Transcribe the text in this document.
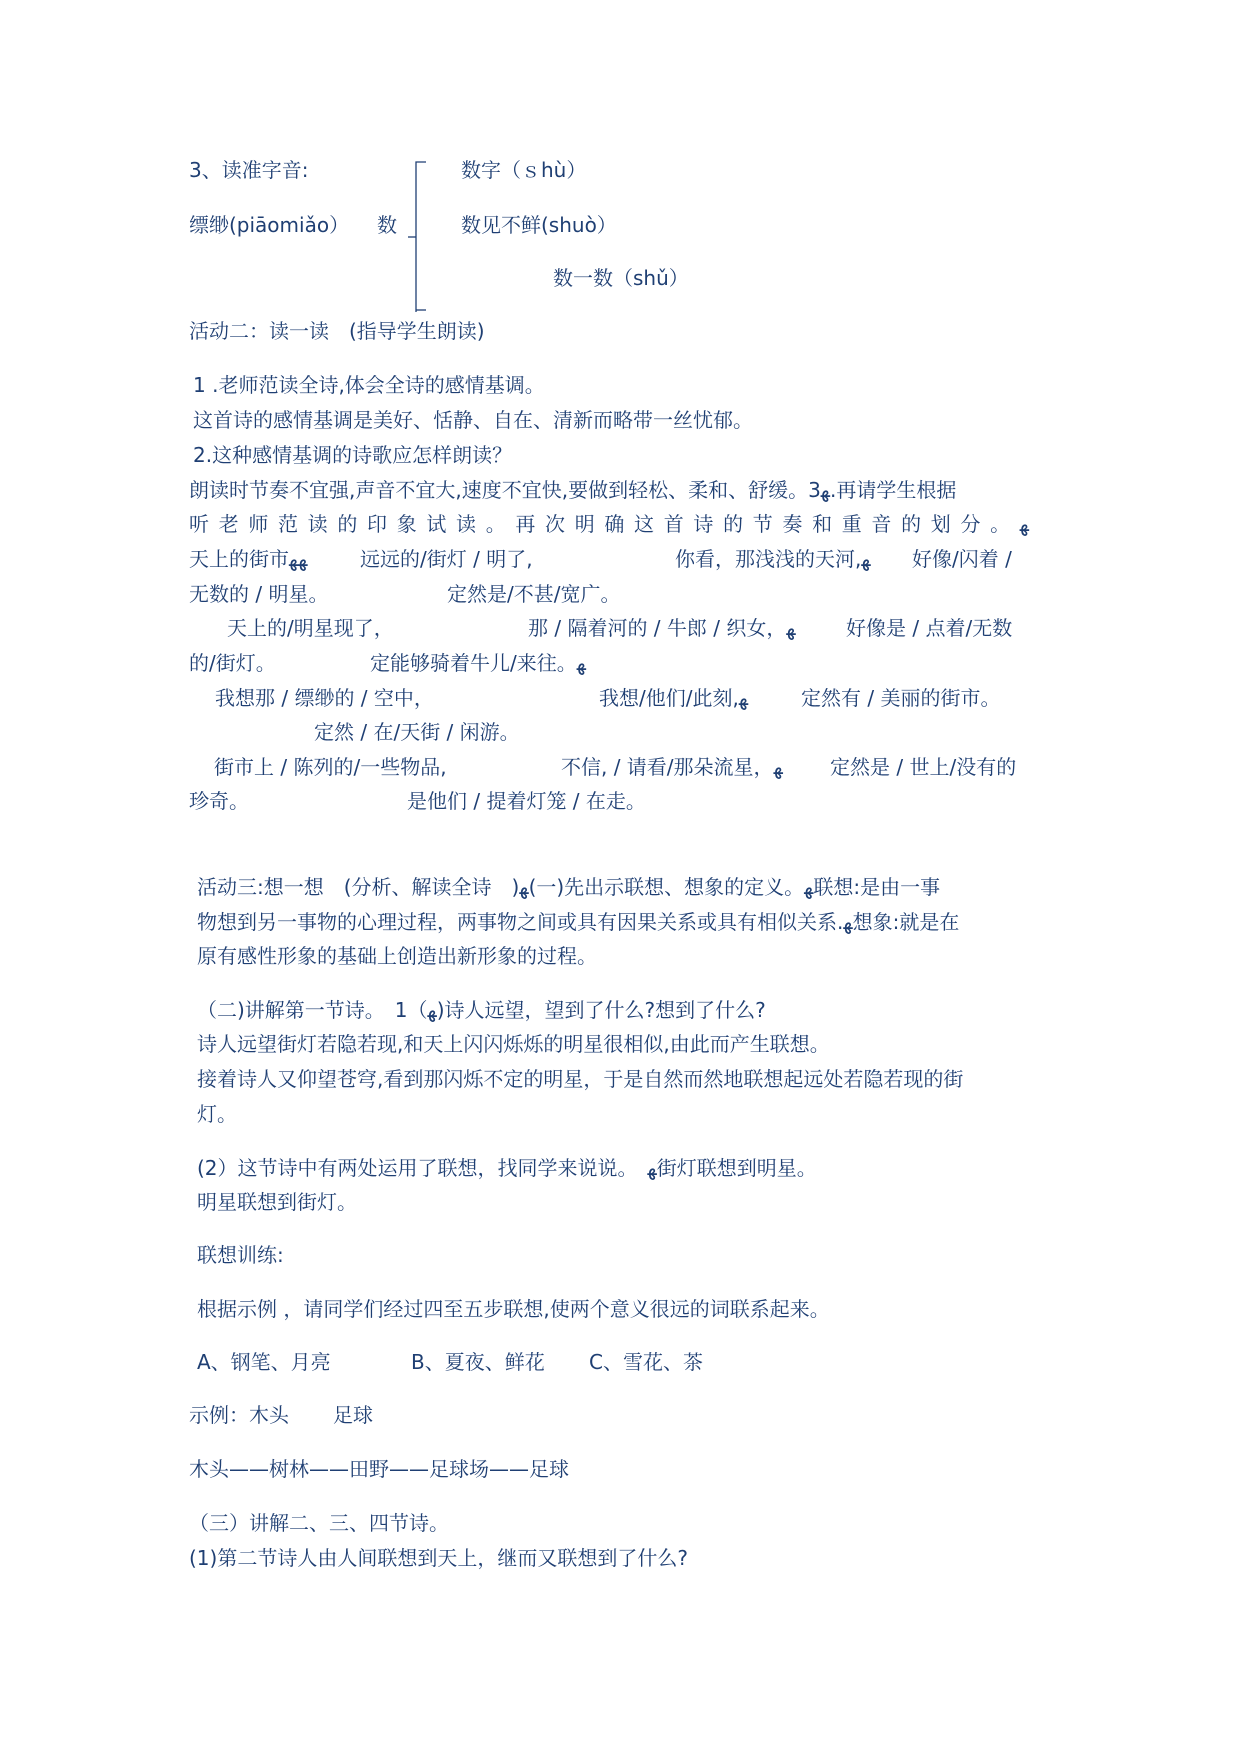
3、读准字音:
缥缈(piāomiǎo） 数
数字（ｓhù）
数见不鲜(shuò）
数一数（shǔ）
活动二：读一读　(指导学生朗读)
1 .老师范读全诗,体会全诗的感情基调。
这首诗的感情基调是美好、恬静、自在、清新而略带一丝忧郁。
2.这种感情基调的诗歌应怎样朗读？
朗读时节奏不宜强,声音不宜大,速度不宜快,要做到轻松、柔和、舒缓。3ﻬ.再请学生根据
听老师范读的印象试读。再次明确这首诗的节奏和重音的划分。ﻬ
天上的街市ﻬﻬ	远远的/街灯 / 明了,	你看，那浅浅的天河,ﻬ 好像/闪着 /
无数的 / 明星。	定然是/不甚/宽广。
天上的/明星现了，	那 / 隔着河的 / 牛郎 / 织女，ﻬ	好像是 / 点着/无数
的/街灯。	定能够骑着牛儿/来往。ﻬ
我想那 / 缥缈的 / 空中，	我想/他们/此刻,ﻬ	定然有 / 美丽的街市。
定然 / 在/天街 / 闲游。
街市上 / 陈列的/一些物品,	不信, / 请看/那朵流星，ﻬ 定然是 / 世上/没有的
珍奇。	是他们 / 提着灯笼 / 在走。
活动三:想一想　(分析、解读全诗　)ﻬ(一)先出示联想、想象的定义。ﻬ联想:是由一事
物想到另一事物的心理过程，两事物之间或具有因果关系或具有相似关系.ﻬ想象:就是在
原有感性形象的基础上创造出新形象的过程。
（二)讲解第一节诗。　1（ﻬ)诗人远望，望到了什么?想到了什么?
诗人远望街灯若隐若现,和天上闪闪烁烁的明星很相似,由此而产生联想。
接着诗人又仰望苍穹,看到那闪烁不定的明星，于是自然而然地联想起远处若隐若现的街
灯。
(2）这节诗中有两处运用了联想，找同学来说说。　ﻬ街灯联想到明星。
明星联想到街灯。
联想训练:
根据示例 ，请同学们经过四至五步联想,使两个意义很远的词联系起来。
A、钢笔、月亮	B、夏夜、鲜花 C、雪花、茶
示例：木头 足球
木头——树林——田野——足球场——足球
（三）讲解二、三、四节诗。
(1)第二节诗人由人间联想到天上，继而又联想到了什么?
